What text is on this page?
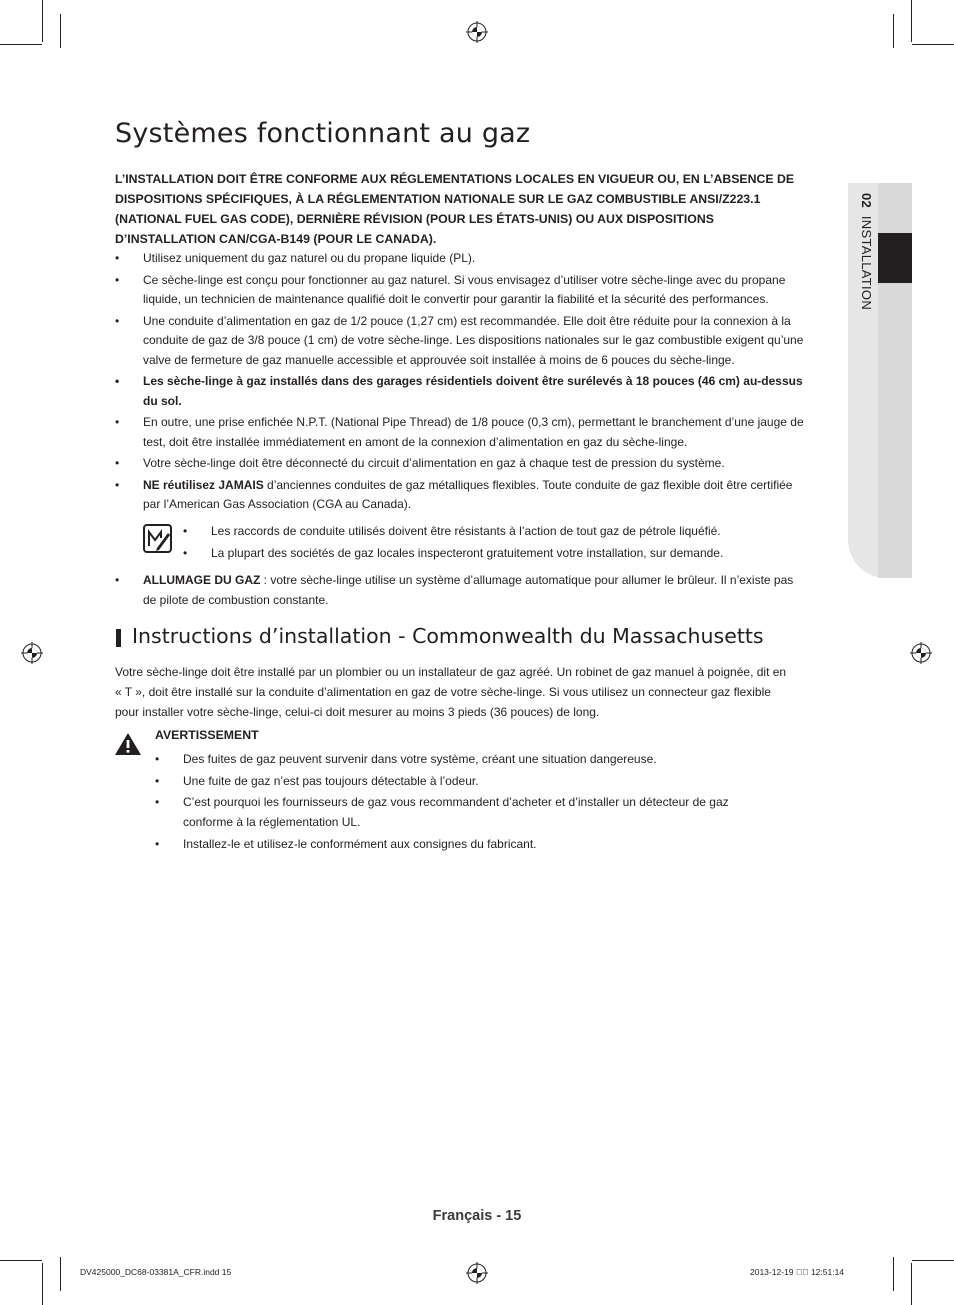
02  INSTALLATION
Systèmes fonctionnant au gaz
L’INSTALLATION DOIT ÊTRE CONFORME AUX RÉGLEMENTATIONS LOCALES EN VIGUEUR OU, EN L’ABSENCE DE DISPOSITIONS SPÉCIFIQUES, À LA RÉGLEMENTATION NATIONALE SUR LE GAZ COMBUSTIBLE ANSI/Z223.1 (NATIONAL FUEL GAS CODE), DERNIÈRE RÉVISION (POUR LES ÉTATS-UNIS) OU AUX DISPOSITIONS D’INSTALLATION CAN/CGA-B149 (POUR LE CANADA).
• Utilisez uniquement du gaz naturel ou du propane liquide (PL).
• Ce sèche-linge est conçu pour fonctionner au gaz naturel. Si vous envisagez d’utiliser votre sèche-linge avec du propane liquide, un technicien de maintenance qualifié doit le convertir pour garantir la fiabilité et la sécurité des performances.
• Une conduite d’alimentation en gaz de 1/2 pouce (1,27 cm) est recommandée. Elle doit être réduite pour la connexion à la conduite de gaz de 3/8 pouce (1 cm) de votre sèche-linge. Les dispositions nationales sur le gaz combustible exigent qu’une valve de fermeture de gaz manuelle accessible et approuvée soit installée à moins de 6 pouces du sèche-linge.
• Les sèche-linge à gaz installés dans des garages résidentiels doivent être surélevés à 18 pouces (46 cm) au-dessus du sol.
• En outre, une prise enfichée N.P.T. (National Pipe Thread) de 1/8 pouce (0,3 cm), permettant le branchement d’une jauge de test, doit être installée immédiatement en amont de la connexion d’alimentation en gaz du sèche-linge.
• Votre sèche-linge doit être déconnecté du circuit d’alimentation en gaz à chaque test de pression du système.
• NE réutilisez JAMAIS d’anciennes conduites de gaz métalliques flexibles. Toute conduite de gaz flexible doit être certifiée par l’American Gas Association (CGA au Canada).
• Les raccords de conduite utilisés doivent être résistants à l’action de tout gaz de pétrole liquéfié.
• La plupart des sociétés de gaz locales inspecteront gratuitement votre installation, sur demande.
• ALLUMAGE DU GAZ : votre sèche-linge utilise un système d’allumage automatique pour allumer le brûleur. Il n’existe pas de pilote de combustion constante.
Instructions d’installation - Commonwealth du Massachusetts
Votre sèche-linge doit être installé par un plombier ou un installateur de gaz agréé. Un robinet de gaz manuel à poignée, dit en « T », doit être installé sur la conduite d’alimentation en gaz de votre sèche-linge. Si vous utilisez un connecteur gaz flexible pour installer votre sèche-linge, celui-ci doit mesurer au moins 3 pieds (36 pouces) de long.
AVERTISSEMENT
• Des fuites de gaz peuvent survenir dans votre système, créant une situation dangereuse.
• Une fuite de gaz n’est pas toujours détectable à l’odeur.
• C’est pourquoi les fournisseurs de gaz vous recommandent d’acheter et d’installer un détecteur de gaz conforme à la réglementation UL.
• Installez-le et utilisez-le conformément aux consignes du fabricant.
Français - 15
DV425000_DC68-03381A_CFR.indd 15	2013-12-19 ￿￿ 12:51:14
